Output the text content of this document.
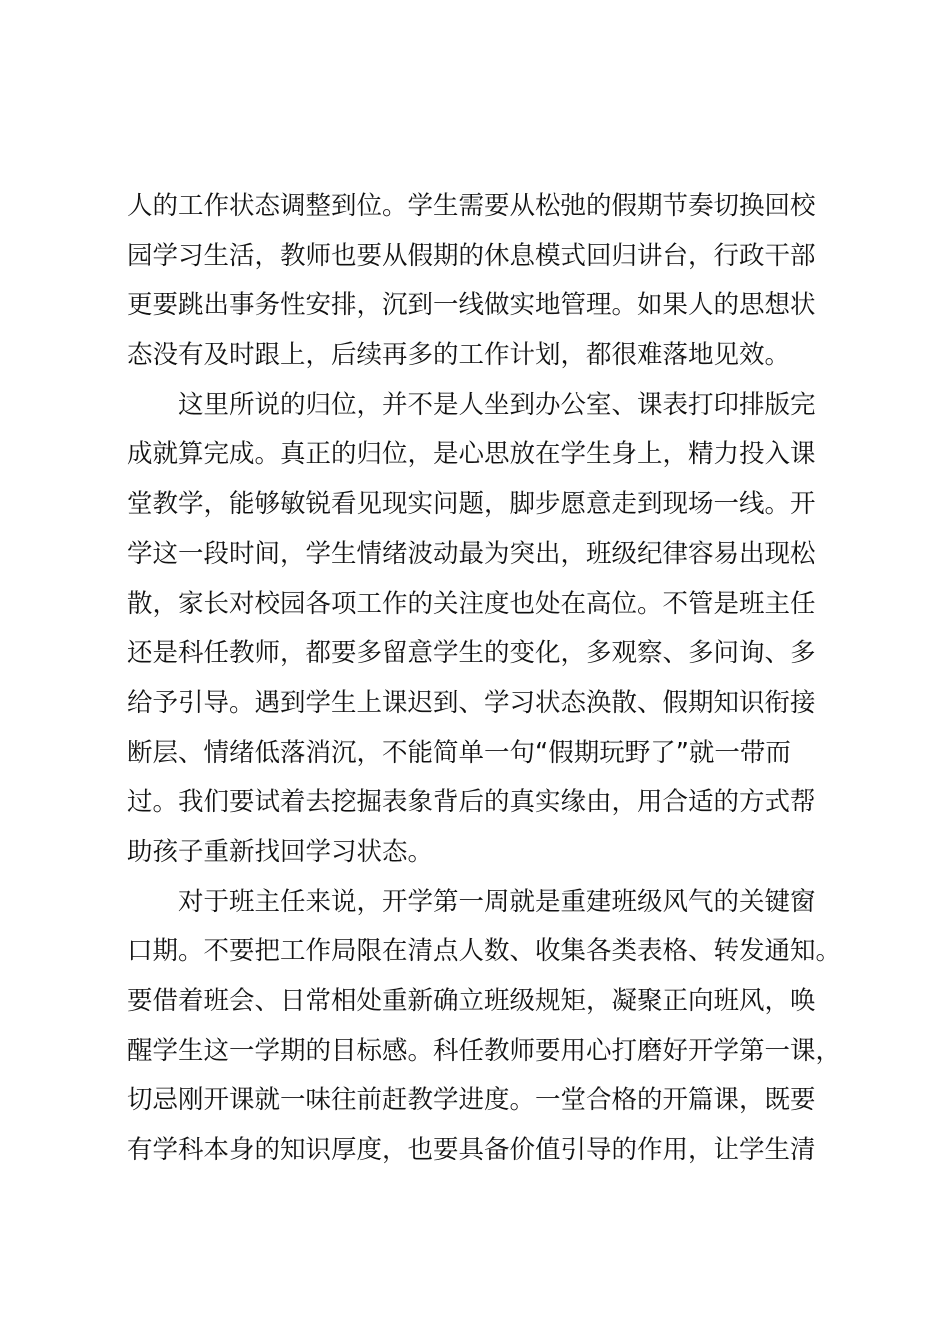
人的工作状态调整到位。学生需要从松弛的假期节奏切换回校
园学习生活，教师也要从假期的休息模式回归讲台，行政干部
更要跳出事务性安排，沉到一线做实地管理。如果人的思想状
态没有及时跟上，后续再多的工作计划，都很难落地见效。
这里所说的归位，并不是人坐到办公室、课表打印排版完
成就算完成。真正的归位，是心思放在学生身上，精力投入课
堂教学，能够敏锐看见现实问题，脚步愿意走到现场一线。开
学这一段时间，学生情绪波动最为突出，班级纪律容易出现松
散，家长对校园各项工作的关注度也处在高位。不管是班主任
还是科任教师，都要多留意学生的变化，多观察、多问询、多
给予引导。遇到学生上课迟到、学习状态涣散、假期知识衔接
断层、情绪低落消沉，不能简单一句“假期玩野了”就一带而
过。我们要试着去挖掘表象背后的真实缘由，用合适的方式帮
助孩子重新找回学习状态。
对于班主任来说，开学第一周就是重建班级风气的关键窗
口期。不要把工作局限在清点人数、收集各类表格、转发通知。
要借着班会、日常相处重新确立班级规矩，凝聚正向班风，唤
醒学生这一学期的目标感。科任教师要用心打磨好开学第一课，
切忌刚开课就一味往前赶教学进度。一堂合格的开篇课，既要
有学科本身的知识厚度，也要具备价值引导的作用，让学生清
